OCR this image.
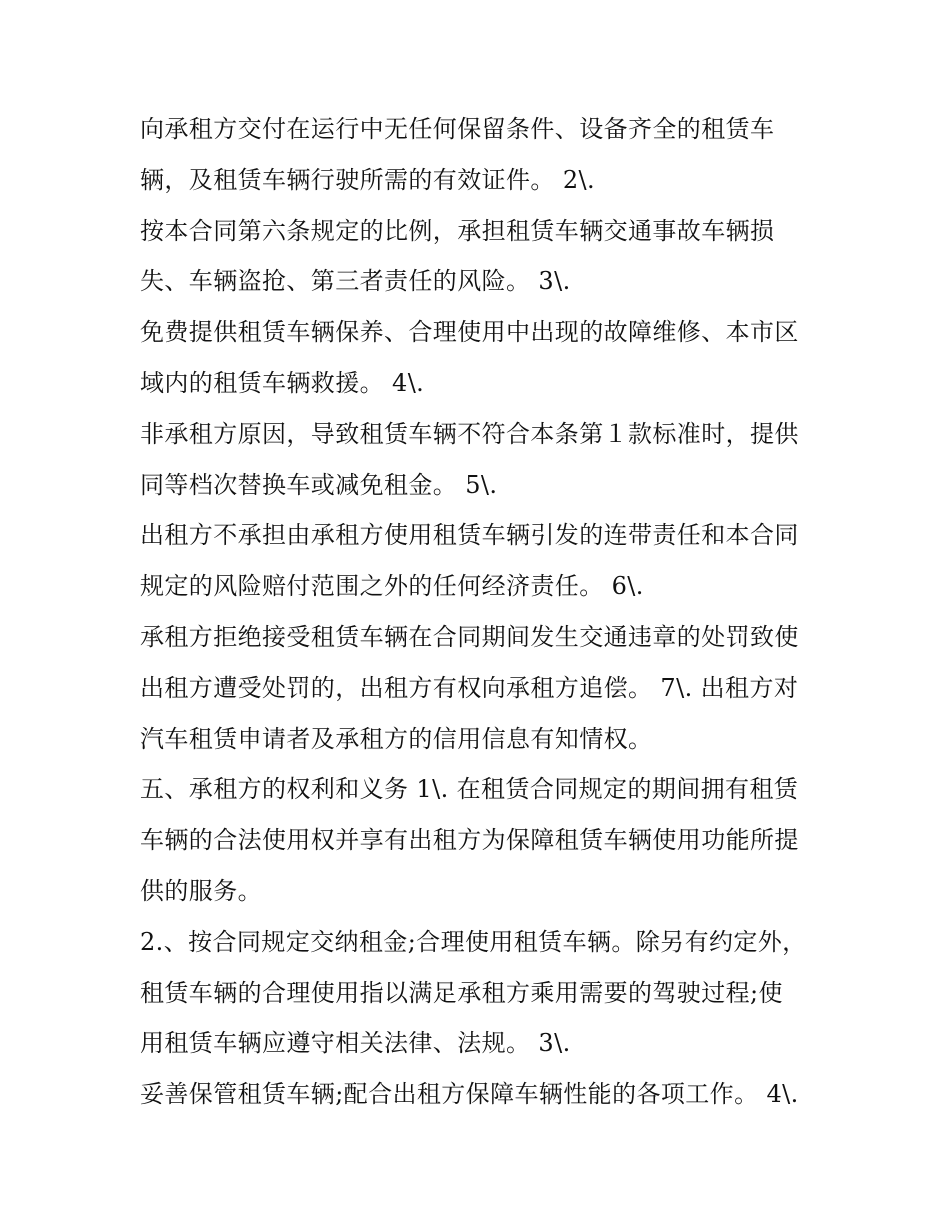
向承租方交付在运行中无任何保留条件、设备齐全的租赁车
辆，及租赁车辆行驶所需的有效证件。 2\.
按本合同第六条规定的比例，承担租赁车辆交通事故车辆损
失、车辆盗抢、第三者责任的风险。 3\.
免费提供租赁车辆保养、合理使用中出现的故障维修、本市区
域内的租赁车辆救援。 4\.
非承租方原因，导致租赁车辆不符合本条第１款标准时，提供
同等档次替换车或减免租金。 5\.
出租方不承担由承租方使用租赁车辆引发的连带责任和本合同
规定的风险赔付范围之外的任何经济责任。 6\.
承租方拒绝接受租赁车辆在合同期间发生交通违章的处罚致使
出租方遭受处罚的，出租方有权向承租方追偿。 7\. 出租方对
汽车租赁申请者及承租方的信用信息有知情权。
五、承租方的权利和义务 1\. 在租赁合同规定的期间拥有租赁
车辆的合法使用权并享有出租方为保障租赁车辆使用功能所提
供的服务。
2.、按合同规定交纳租金;合理使用租赁车辆。除另有约定外，
租赁车辆的合理使用指以满足承租方乘用需要的驾驶过程;使
用租赁车辆应遵守相关法律、法规。 3\.
妥善保管租赁车辆;配合出租方保障车辆性能的各项工作。 4\.
